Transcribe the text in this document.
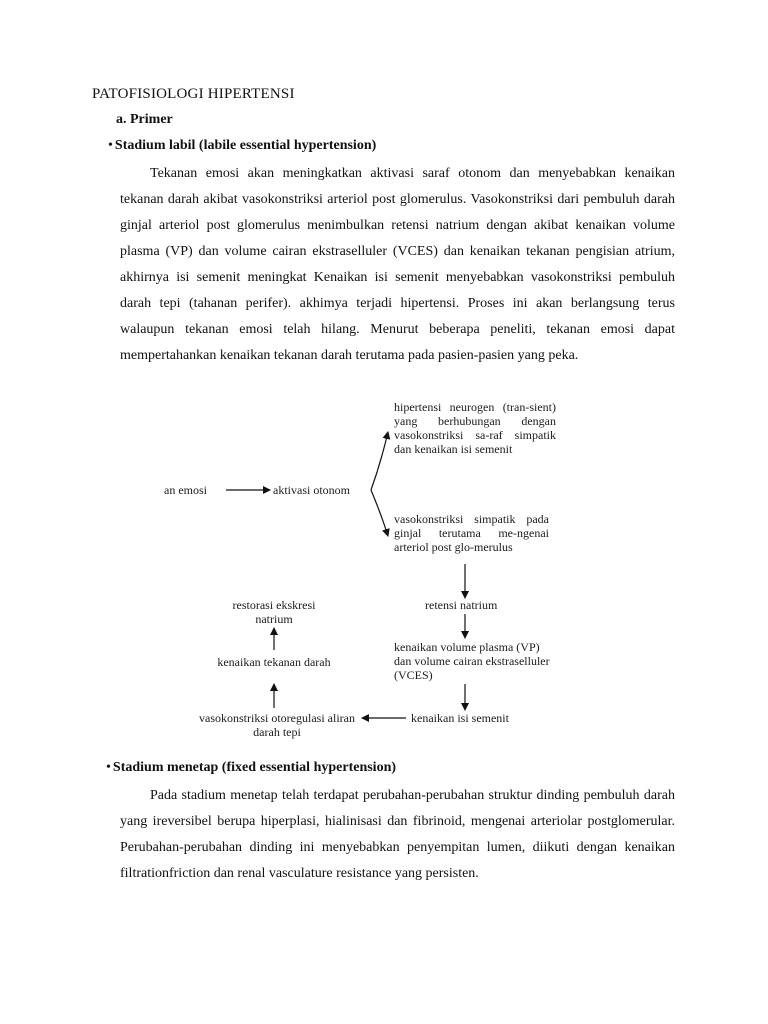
PATOFISIOLOGI HIPERTENSI
a. Primer
• Stadium labil (labile essential hypertension)

Tekanan emosi akan meningkatkan aktivasi saraf otonom dan menyebabkan kenaikan tekanan darah akibat vasokonstriksi arteriol post glomerulus. Vasokonstriksi dari pembuluh darah ginjal arteriol post glomerulus menimbulkan retensi natrium dengan akibat kenaikan volume plasma (VP) dan volume cairan ekstraselluler (VCES) dan kenaikan tekanan pengisian atrium, akhirnya isi semenit meningkat Kenaikan isi semenit menyebabkan vasokonstriksi pembuluh darah tepi (tahanan perifer). akhimya terjadi hipertensi. Proses ini akan berlangsung terus walaupun tekanan emosi telah hilang. Menurut beberapa peneliti, tekanan emosi dapat mempertahankan kenaikan tekanan darah terutama pada pasien-pasien yang peka.

an emosi	aktivasi otonom
hipertensi neurogen (tran-sient) yang berhubungan dengan vasokonstriksi sa-raf simpatik dan kenaikan isi semenit
vasokonstriksi simpatik pada ginjal terutama me-ngenai arteriol post glo-merulus
retensi natrium
kenaikan volume plasma (VP) dan volume cairan ekstraselluler (VCES)
kenaikan isi semenit
vasokonstriksi otoregulasi aliran darah tepi
kenaikan tekanan darah
restorasi ekskresi natrium
• Stadium menetap (fixed essential hypertension)

Pada stadium menetap telah terdapat perubahan-perubahan struktur dinding pembuluh darah yang ireversibel berupa hiperplasi, hialinisasi dan fibrinoid, mengenai arteriolar postglomerular. Perubahan-perubahan dinding ini menyebabkan penyempitan lumen, diikuti dengan kenaikan filtrationfriction dan renal vasculature resistance yang persisten.
